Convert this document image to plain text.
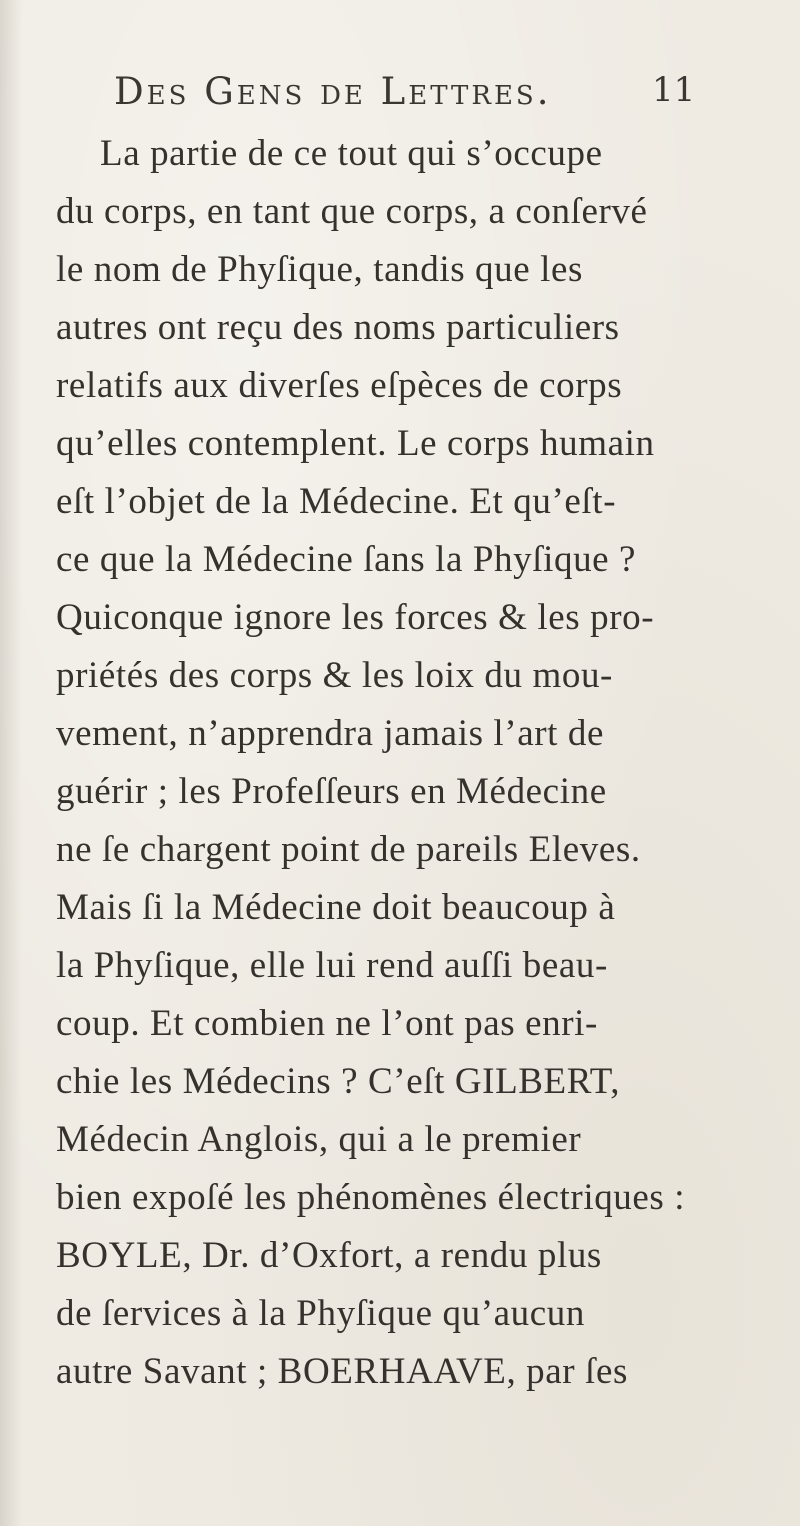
Des Gens de Lettres.	11
La partie de ce tout qui s’occupe
du corps, en tant que corps, a conſervé
le nom de Phyſique, tandis que les
autres ont reçu des noms particuliers
relatifs aux diverſes eſpèces de corps
qu’elles contemplent. Le corps humain
eſt l’objet de la Médecine. Et qu’eſt-
ce que la Médecine ſans la Phyſique ?
Quiconque ignore les forces & les pro-
priétés des corps & les loix du mou-
vement, n’apprendra jamais l’art de
guérir ; les Profeſſeurs en Médecine
ne ſe chargent point de pareils Eleves.
Mais ſi la Médecine doit beaucoup à
la Phyſique, elle lui rend auſſi beau-
coup. Et combien ne l’ont pas enri-
chie les Médecins ? C’eſt GILBERT,
Médecin Anglois, qui a le premier
bien expoſé les phénomènes électriques :
BOYLE, Dr. d’Oxfort, a rendu plus
de ſervices à la Phyſique qu’aucun
autre Savant ; BOERHAAVE, par ſes
